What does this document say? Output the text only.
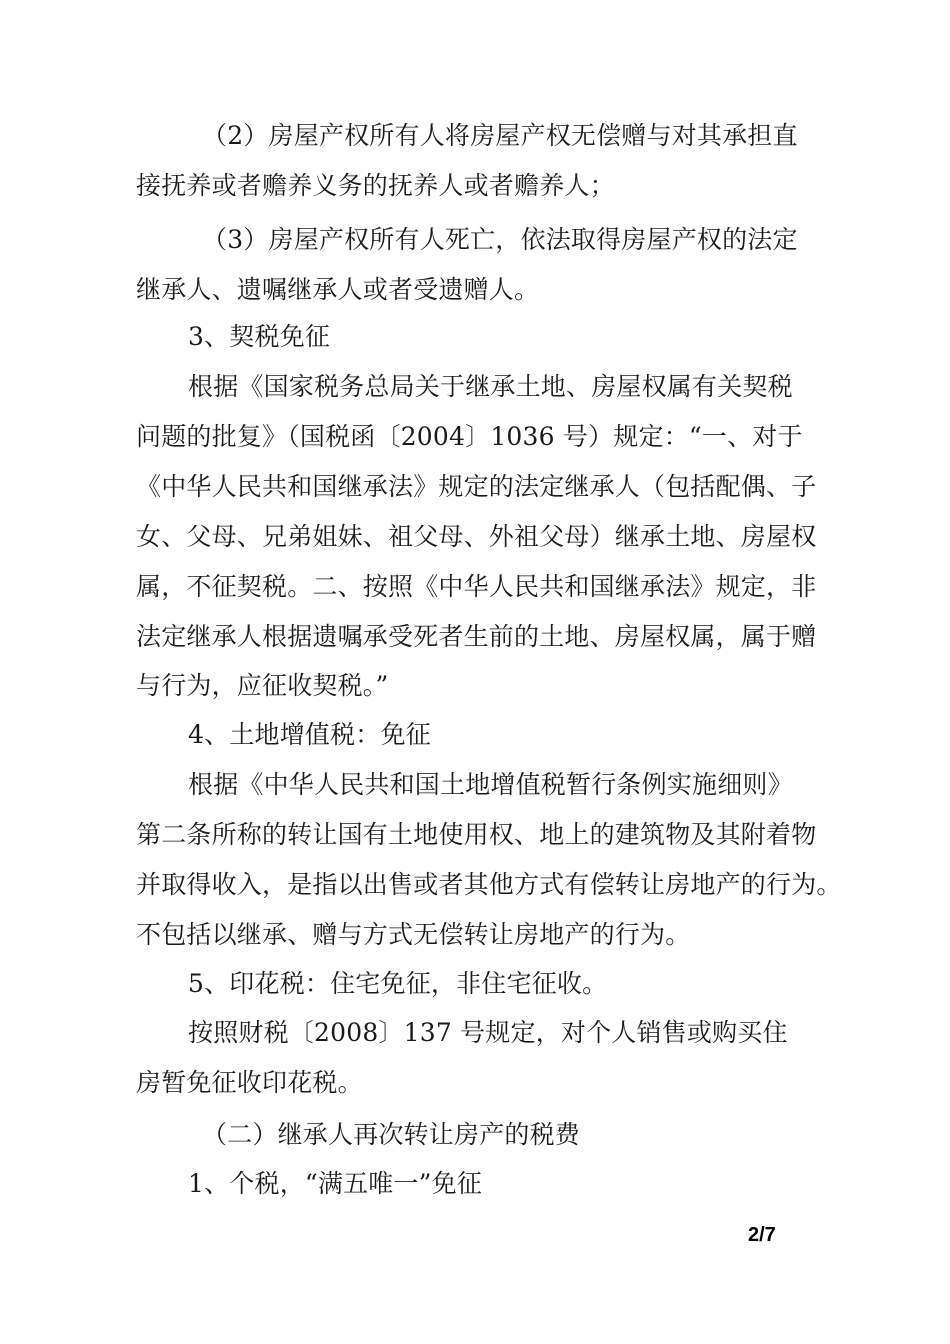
（2）房屋产权所有人将房屋产权无偿赠与对其承担直
接抚养或者赡养义务的抚养人或者赡养人；
（3）房屋产权所有人死亡，依法取得房屋产权的法定
继承人、遗嘱继承人或者受遗赠人。
3、契税免征
根据《国家税务总局关于继承土地、房屋权属有关契税
问题的批复》（国税函〔2004〕1036 号）规定：“一、对于
《中华人民共和国继承法》规定的法定继承人（包括配偶、子
女、父母、兄弟姐妹、祖父母、外祖父母）继承土地、房屋权
属，不征契税。二、按照《中华人民共和国继承法》规定，非
法定继承人根据遗嘱承受死者生前的土地、房屋权属，属于赠
与行为，应征收契税。”
4、土地增值税：免征
根据《中华人民共和国土地增值税暂行条例实施细则》
第二条所称的转让国有土地使用权、地上的建筑物及其附着物
并取得收入，是指以出售或者其他方式有偿转让房地产的行为。
不包括以继承、赠与方式无偿转让房地产的行为。
5、印花税：住宅免征，非住宅征收。
按照财税〔2008〕137 号规定，对个人销售或购买住
房暂免征收印花税。
（二）继承人再次转让房产的税费
1、个税，“满五唯一”免征
2/7
